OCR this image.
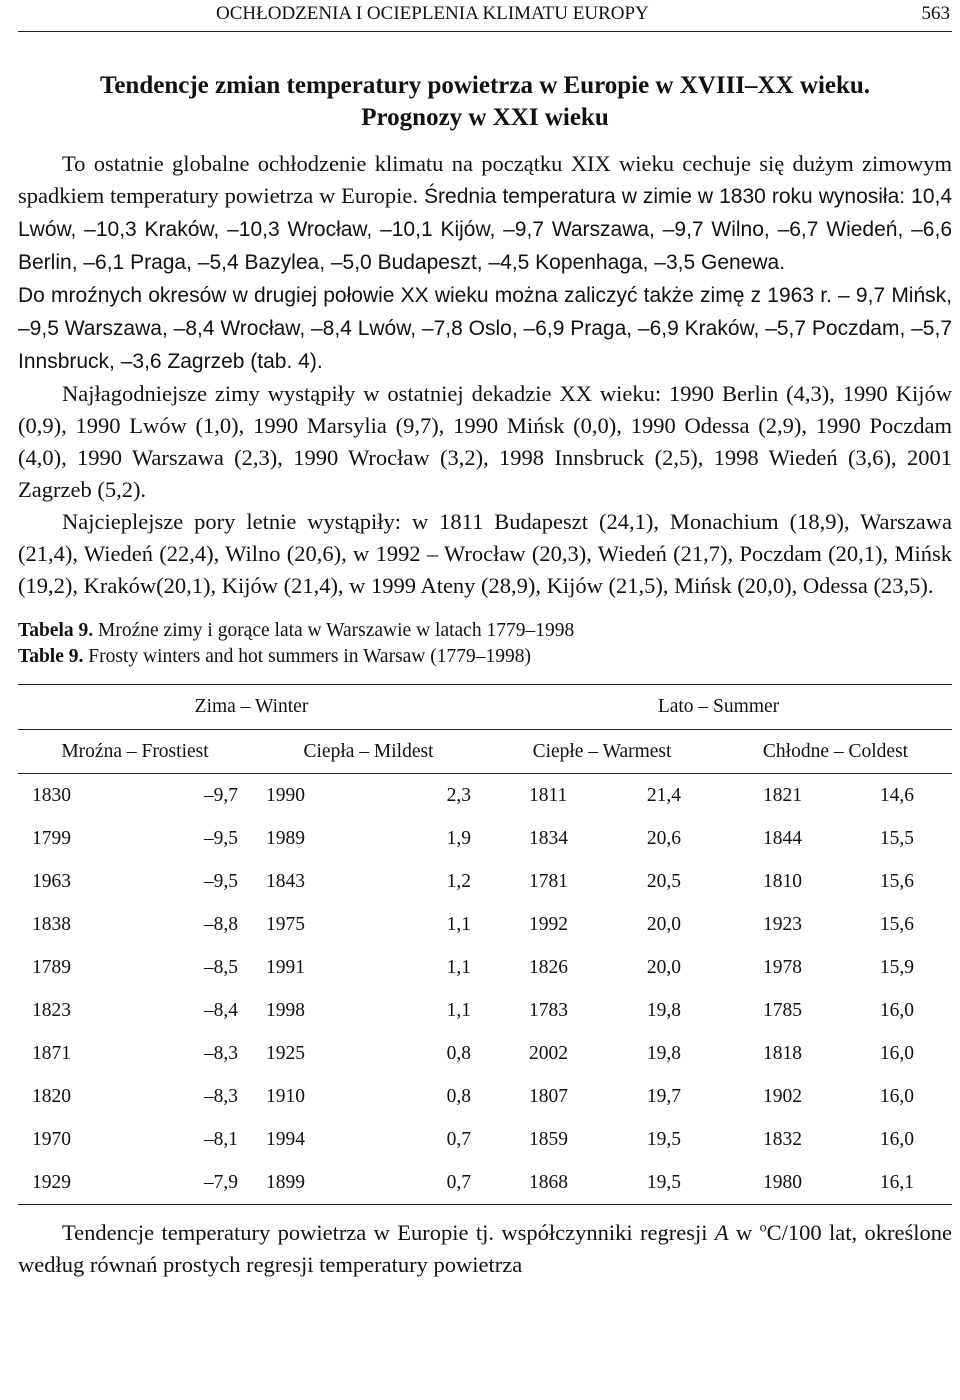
OCHŁODZENIA I OCIEPLENIA KLIMATU EUROPY	563
Tendencje zmian temperatury powietrza w Europie w XVIII–XX wieku.
Prognozy w XXI wieku

To ostatnie globalne ochłodzenie klimatu na początku XIX wieku cechuje się dużym zimowym spadkiem temperatury powietrza w Europie. Średnia temperatura w zimie w 1830 roku wynosiła: 10,4 Lwów, –10,3 Kraków, –10,3 Wrocław, –10,1 Kijów, –9,7 Warszawa, –9,7 Wilno, –6,7 Wiedeń, –6,6 Berlin, –6,1 Praga, –5,4 Bazylea, –5,0 Budapeszt, –4,5 Kopenhaga, –3,5 Genewa.

Do mroźnych okresów w drugiej połowie XX wieku można zaliczyć także zimę z 1963 r. – 9,7 Mińsk, –9,5 Warszawa, –8,4 Wrocław, –8,4 Lwów, –7,8 Oslo, –6,9 Praga, –6,9 Kraków, –5,7 Poczdam, –5,7 Innsbruck, –3,6 Zagrzeb (tab. 4).

Najłagodniejsze zimy wystąpiły w ostatniej dekadzie XX wieku: 1990 Berlin (4,3), 1990 Kijów (0,9), 1990 Lwów (1,0), 1990 Marsylia (9,7), 1990 Mińsk (0,0), 1990 Odessa (2,9), 1990 Poczdam (4,0), 1990 Warszawa (2,3), 1990 Wrocław (3,2), 1998 Innsbruck (2,5), 1998 Wiedeń (3,6), 2001 Zagrzeb (5,2).

Najcieplejsze pory letnie wystąpiły: w 1811 Budapeszt (24,1), Monachium (18,9), Warszawa (21,4), Wiedeń (22,4), Wilno (20,6), w 1992 – Wrocław (20,3), Wiedeń (21,7), Poczdam (20,1), Mińsk (19,2), Kraków(20,1), Kijów (21,4), w 1999 Ateny (28,9), Kijów (21,5), Mińsk (20,0), Odessa (23,5).

Tabela 9. Mroźne zimy i gorące lata w Warszawie w latach 1779–1998
Table 9. Frosty winters and hot summers in Warsaw (1779–1998)
Zima – Winter				Lato – Summer			
Mroźna – Frostiest		Ciepła – Mildest		Ciepłe – Warmest		Chłodne – Coldest	
1830	–9,7	1990	2,3	1811	21,4	1821	14,6
1799	–9,5	1989	1,9	1834	20,6	1844	15,5
1963	–9,5	1843	1,2	1781	20,5	1810	15,6
1838	–8,8	1975	1,1	1992	20,0	1923	15,6
1789	–8,5	1991	1,1	1826	20,0	1978	15,9
1823	–8,4	1998	1,1	1783	19,8	1785	16,0
1871	–8,3	1925	0,8	2002	19,8	1818	16,0
1820	–8,3	1910	0,8	1807	19,7	1902	16,0
1970	–8,1	1994	0,7	1859	19,5	1832	16,0
1929	–7,9	1899	0,7	1868	19,5	1980	16,1

Tendencje temperatury powietrza w Europie tj. współczynniki regresji A w $^o$C/100 lat, określone według równań prostych regresji temperatury powietrza
